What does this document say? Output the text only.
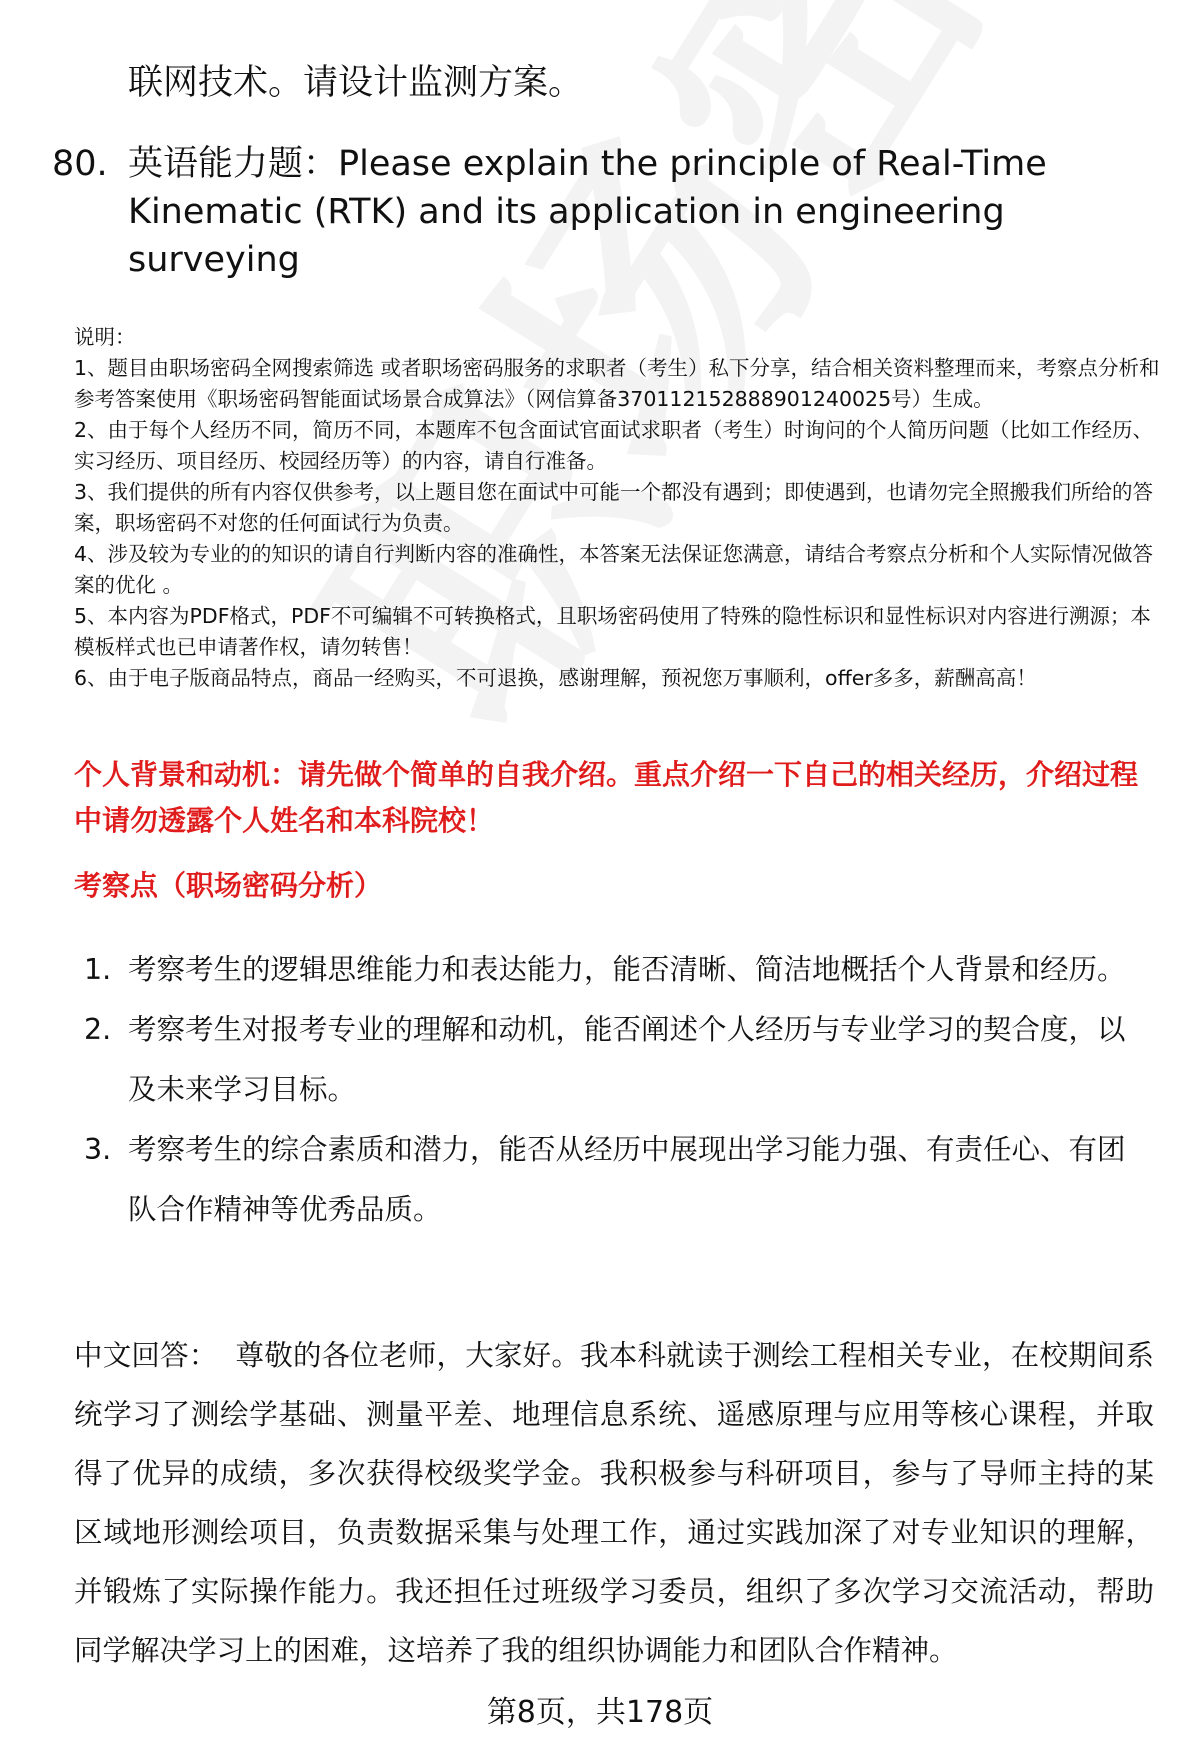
联网技术。请设计监测方案。
80. 英语能力题：Please explain the principle of Real-Time Kinematic (RTK) and its application in engineering surveying

说明：

1、题目由职场密码全网搜索筛选 或者职场密码服务的求职者（考生）私下分享，结合相关资料整理而来，考察点分析和参考答案使用《职场密码智能面试场景合成算法》（网信算备370112152888901240025号）生成。

2、由于每个人经历不同，简历不同，本题库不包含面试官面试求职者（考生）时询问的个人简历问题（比如工作经历、实习经历、项目经历、校园经历等）的内容，请自行准备。

3、我们提供的所有内容仅供参考，以上题目您在面试中可能一个都没有遇到；即使遇到，也请勿完全照搬我们所给的答案，职场密码不对您的任何面试行为负责。

4、涉及较为专业的的知识的请自行判断内容的准确性，本答案无法保证您满意，请结合考察点分析和个人实际情况做答案的优化 。

5、本内容为PDF格式，PDF不可编辑不可转换格式，且职场密码使用了特殊的隐性标识和显性标识对内容进行溯源；本模板样式也已申请著作权，请勿转售！

6、由于电子版商品特点，商品一经购买，不可退换，感谢理解，预祝您万事顺利，offer多多，薪酬高高！

个人背景和动机：请先做个简单的自我介绍。重点介绍一下自己的相关经历，介绍过程中请勿透露个人姓名和本科院校！
考察点（职场密码分析）
1. 考察考生的逻辑思维能力和表达能力，能否清晰、简洁地概括个人背景和经历。
2. 考察考生对报考专业的理解和动机，能否阐述个人经历与专业学习的契合度，以及未来学习目标。
3. 考察考生的综合素质和潜力，能否从经历中展现出学习能力强、有责任心、有团队合作精神等优秀品质。
中文回答： 尊敬的各位老师，大家好。我本科就读于测绘工程相关专业，在校期间系统学习了测绘学基础、测量平差、地理信息系统、遥感原理与应用等核心课程，并取得了优异的成绩，多次获得校级奖学金。我积极参与科研项目，参与了导师主持的某区域地形测绘项目，负责数据采集与处理工作，通过实践加深了对专业知识的理解，并锻炼了实际操作能力。我还担任过班级学习委员，组织了多次学习交流活动，帮助同学解决学习上的困难，这培养了我的组织协调能力和团队合作精神。
第8页，共178页
